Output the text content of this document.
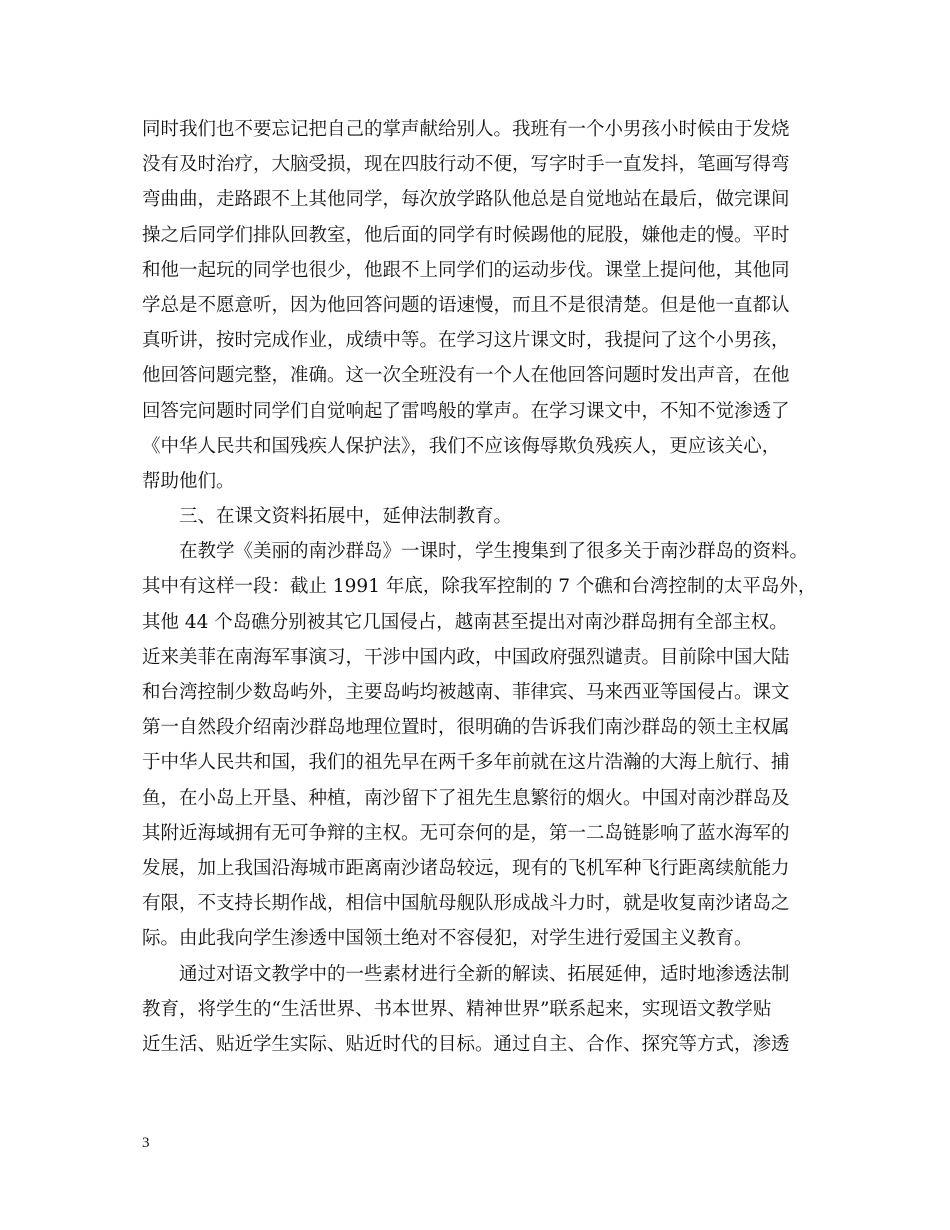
同时我们也不要忘记把自己的掌声献给别人。我班有一个小男孩小时候由于发烧
没有及时治疗，大脑受损，现在四肢行动不便，写字时手一直发抖，笔画写得弯
弯曲曲，走路跟不上其他同学，每次放学路队他总是自觉地站在最后，做完课间
操之后同学们排队回教室，他后面的同学有时候踢他的屁股，嫌他走的慢。平时
和他一起玩的同学也很少，他跟不上同学们的运动步伐。课堂上提问他，其他同
学总是不愿意听，因为他回答问题的语速慢，而且不是很清楚。但是他一直都认
真听讲，按时完成作业，成绩中等。在学习这片课文时，我提问了这个小男孩，
他回答问题完整，准确。这一次全班没有一个人在他回答问题时发出声音，在他
回答完问题时同学们自觉响起了雷鸣般的掌声。在学习课文中，不知不觉渗透了
《中华人民共和国残疾人保护法》，我们不应该侮辱欺负残疾人，更应该关心，
帮助他们。
三、在课文资料拓展中，延伸法制教育。
在教学《美丽的南沙群岛》一课时，学生搜集到了很多关于南沙群岛的资料。
其中有这样一段：截止 1991 年底，除我军控制的 7 个礁和台湾控制的太平岛外，
其他 44 个岛礁分别被其它几国侵占，越南甚至提出对南沙群岛拥有全部主权。
近来美菲在南海军事演习，干涉中国内政，中国政府强烈谴责。目前除中国大陆
和台湾控制少数岛屿外，主要岛屿均被越南、菲律宾、马来西亚等国侵占。课文
第一自然段介绍南沙群岛地理位置时，很明确的告诉我们南沙群岛的领土主权属
于中华人民共和国，我们的祖先早在两千多年前就在这片浩瀚的大海上航行、捕
鱼，在小岛上开垦、种植，南沙留下了祖先生息繁衍的烟火。中国对南沙群岛及
其附近海域拥有无可争辩的主权。无可奈何的是，第一二岛链影响了蓝水海军的
发展，加上我国沿海城市距离南沙诸岛较远，现有的飞机军种飞行距离续航能力
有限，不支持长期作战，相信中国航母舰队形成战斗力时，就是收复南沙诸岛之
际。由此我向学生渗透中国领土绝对不容侵犯，对学生进行爱国主义教育。
通过对语文教学中的一些素材进行全新的解读、拓展延伸，适时地渗透法制
教育，将学生的“生活世界、书本世界、精神世界”联系起来，实现语文教学贴
近生活、贴近学生实际、贴近时代的目标。通过自主、合作、探究等方式，渗透
3
